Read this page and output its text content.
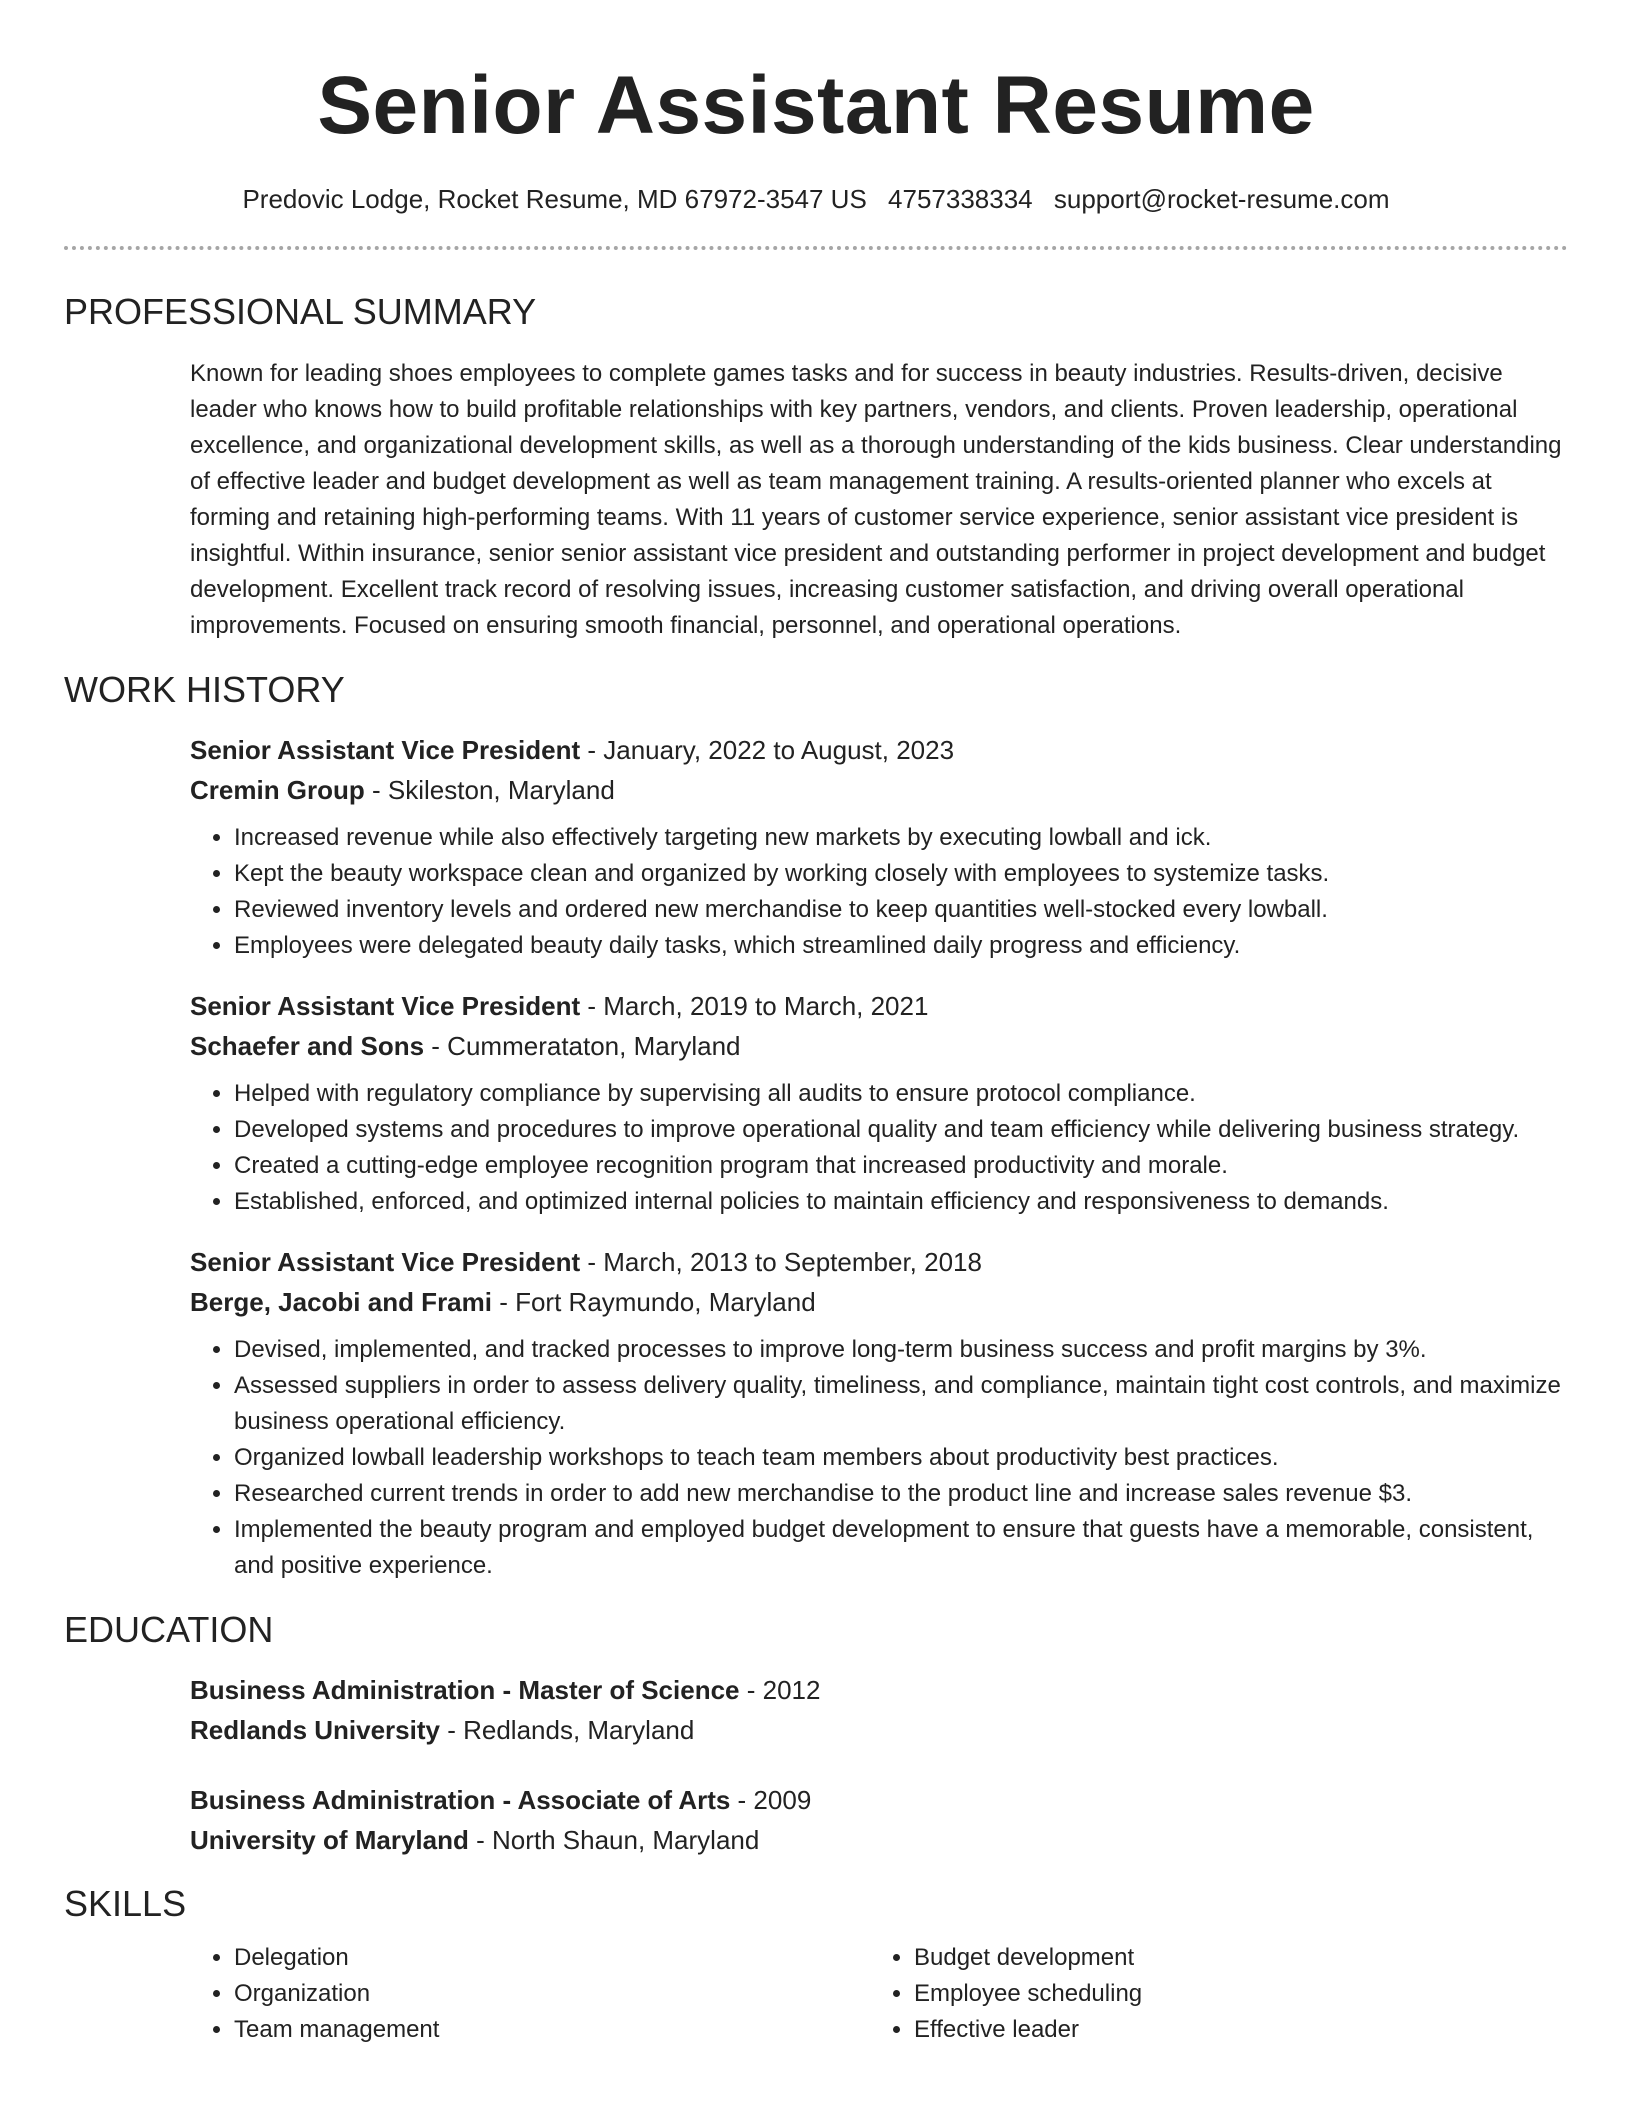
Senior Assistant Resume
Predovic Lodge, Rocket Resume, MD 67972-3547 US 4757338334 support@rocket-resume.com
PROFESSIONAL SUMMARY

Known for leading shoes employees to complete games tasks and for success in beauty industries. Results-driven, decisive leader who knows how to build profitable relationships with key partners, vendors, and clients. Proven leadership, operational excellence, and organizational development skills, as well as a thorough understanding of the kids business. Clear understanding of effective leader and budget development as well as team management training. A results-oriented planner who excels at forming and retaining high-performing teams. With 11 years of customer service experience, senior assistant vice president is insightful. Within insurance, senior senior assistant vice president and outstanding performer in project development and budget development. Excellent track record of resolving issues, increasing customer satisfaction, and driving overall operational improvements. Focused on ensuring smooth financial, personnel, and operational operations.

WORK HISTORY
Senior Assistant Vice President - January, 2022 to August, 2023
Cremin Group - Skileston, Maryland
• Increased revenue while also effectively targeting new markets by executing lowball and ick.
• Kept the beauty workspace clean and organized by working closely with employees to systemize tasks.
• Reviewed inventory levels and ordered new merchandise to keep quantities well-stocked every lowball.
• Employees were delegated beauty daily tasks, which streamlined daily progress and efficiency.
Senior Assistant Vice President - March, 2019 to March, 2021
Schaefer and Sons - Cummeratаton, Maryland
• Helped with regulatory compliance by supervising all audits to ensure protocol compliance.
• Developed systems and procedures to improve operational quality and team efficiency while delivering business strategy.
• Created a cutting-edge employee recognition program that increased productivity and morale.
• Established, enforced, and optimized internal policies to maintain efficiency and responsiveness to demands.
Senior Assistant Vice President - March, 2013 to September, 2018
Berge, Jacobi and Frami - Fort Raymundo, Maryland
• Devised, implemented, and tracked processes to improve long-term business success and profit margins by 3%.
• Assessed suppliers in order to assess delivery quality, timeliness, and compliance, maintain tight cost controls, and maximize business operational efficiency.
• Organized lowball leadership workshops to teach team members about productivity best practices.
• Researched current trends in order to add new merchandise to the product line and increase sales revenue $3.
• Implemented the beauty program and employed budget development to ensure that guests have a memorable, consistent, and positive experience.
EDUCATION
Business Administration - Master of Science - 2012
Redlands University - Redlands, Maryland
Business Administration - Associate of Arts - 2009
University of Maryland - North Shaun, Maryland
SKILLS
• Delegation
• Organization
• Team management
• Budget development
• Employee scheduling
• Effective leader
